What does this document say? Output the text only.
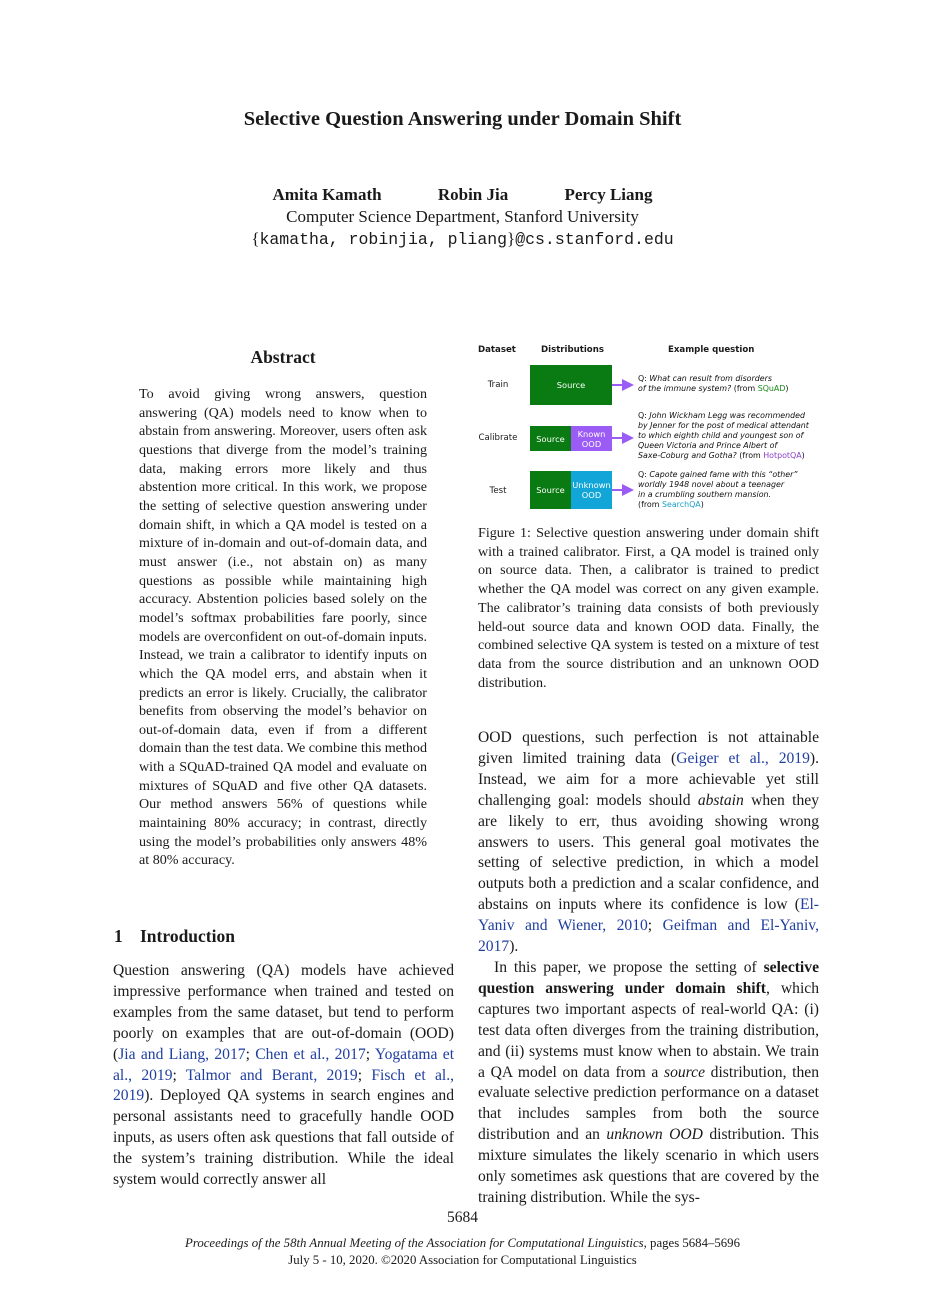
Selective Question Answering under Domain Shift
Amita Kamath	Robin Jia	Percy Liang
Computer Science Department, Stanford University
{kamatha, robinjia, pliang}@cs.stanford.edu
Abstract

To avoid giving wrong answers, question answering (QA) models need to know when to abstain from answering. Moreover, users often ask questions that diverge from the model’s training data, making errors more likely and thus abstention more critical. In this work, we propose the setting of selective question answering under domain shift, in which a QA model is tested on a mixture of in-domain and out-of-domain data, and must answer (i.e., not abstain on) as many questions as possible while maintaining high accuracy. Abstention policies based solely on the model’s softmax probabilities fare poorly, since models are overconfident on out-of-domain inputs. Instead, we train a calibrator to identify inputs on which the QA model errs, and abstain when it predicts an error is likely. Crucially, the calibrator benefits from observing the model’s behavior on out-of-domain data, even if from a different domain than the test data. We combine this method with a SQuAD-trained QA model and evaluate on mixtures of SQuAD and five other QA datasets. Our method answers 56% of questions while maintaining 80% accuracy; in contrast, directly using the model’s probabilities only answers 48% at 80% accuracy.

Dataset	Distributions	Example question
Train	Source
Q: What can result from disorders
of the immune system? (from SQuAD)
Calibrate	Source	Known OOD
Q: John Wickham Legg was recommended
by Jenner for the post of medical attendant
to which eighth child and youngest son of
Queen Victoria and Prince Albert of
Saxe-Coburg and Gotha? (from HotpotQA)
Test	Source Unknown OOD
Q: Capote gained fame with this “other”
worldly 1948 novel about a teenager
in a crumbling southern mansion.
(from SearchQA)

Figure 1: Selective question answering under domain shift with a trained calibrator. First, a QA model is trained only on source data. Then, a calibrator is trained to predict whether the QA model was correct on any given example. The calibrator’s training data consists of both previously held-out source data and known OOD data. Finally, the combined selective QA system is tested on a mixture of test data from the source distribution and an unknown OOD distribution.

1 Introduction

Question answering (QA) models have achieved impressive performance when trained and tested on examples from the same dataset, but tend to perform poorly on examples that are out-of-domain (OOD) (Jia and Liang, 2017; Chen et al., 2017; Yogatama et al., 2019; Talmor and Berant, 2019; Fisch et al., 2019). Deployed QA systems in search engines and personal assistants need to gracefully handle OOD inputs, as users often ask questions that fall outside of the system’s training distribution. While the ideal system would correctly answer all

OOD questions, such perfection is not attainable given limited training data (Geiger et al., 2019). Instead, we aim for a more achievable yet still challenging goal: models should abstain when they are likely to err, thus avoiding showing wrong answers to users. This general goal motivates the setting of selective prediction, in which a model outputs both a prediction and a scalar confidence, and abstains on inputs where its confidence is low (El-Yaniv and Wiener, 2010; Geifman and El-Yaniv, 2017).

In this paper, we propose the setting of selective question answering under domain shift, which captures two important aspects of real-world QA: (i) test data often diverges from the training distribution, and (ii) systems must know when to abstain. We train a QA model on data from a source distribution, then evaluate selective prediction performance on a dataset that includes samples from both the source distribution and an unknown OOD distribution. This mixture simulates the likely scenario in which users only sometimes ask questions that are covered by the training distribution. While the sys-

5684
Proceedings of the 58th Annual Meeting of the Association for Computational Linguistics, pages 5684–5696
July 5 - 10, 2020. ©2020 Association for Computational Linguistics
